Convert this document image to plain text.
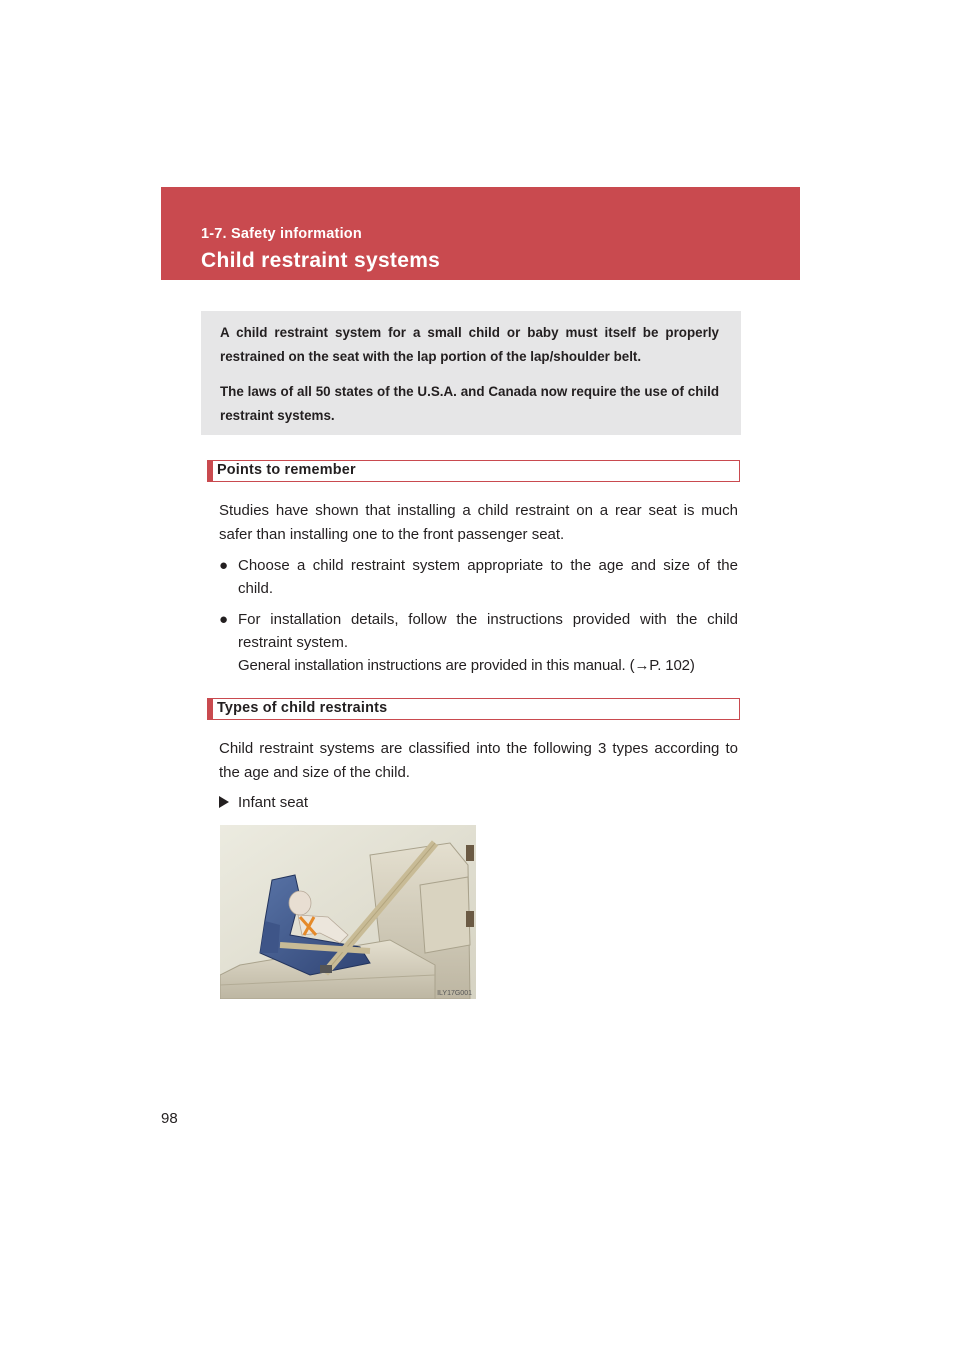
1-7. Safety information
Child restraint systems

A child restraint system for a small child or baby must itself be properly restrained on the seat with the lap portion of the lap/shoulder belt.

The laws of all 50 states of the U.S.A. and Canada now require the use of child restraint systems.

Points to remember

Studies have shown that installing a child restraint on a rear seat is much safer than installing one to the front passenger seat.

● Choose a child restraint system appropriate to the age and size of the child.
● For installation details, follow the instructions provided with the child restraint system.
General installation instructions are provided in this manual. (→P. 102)
Types of child restraints

Child restraint systems are classified into the following 3 types according to the age and size of the child.

Infant seat
ILY17G001
98
